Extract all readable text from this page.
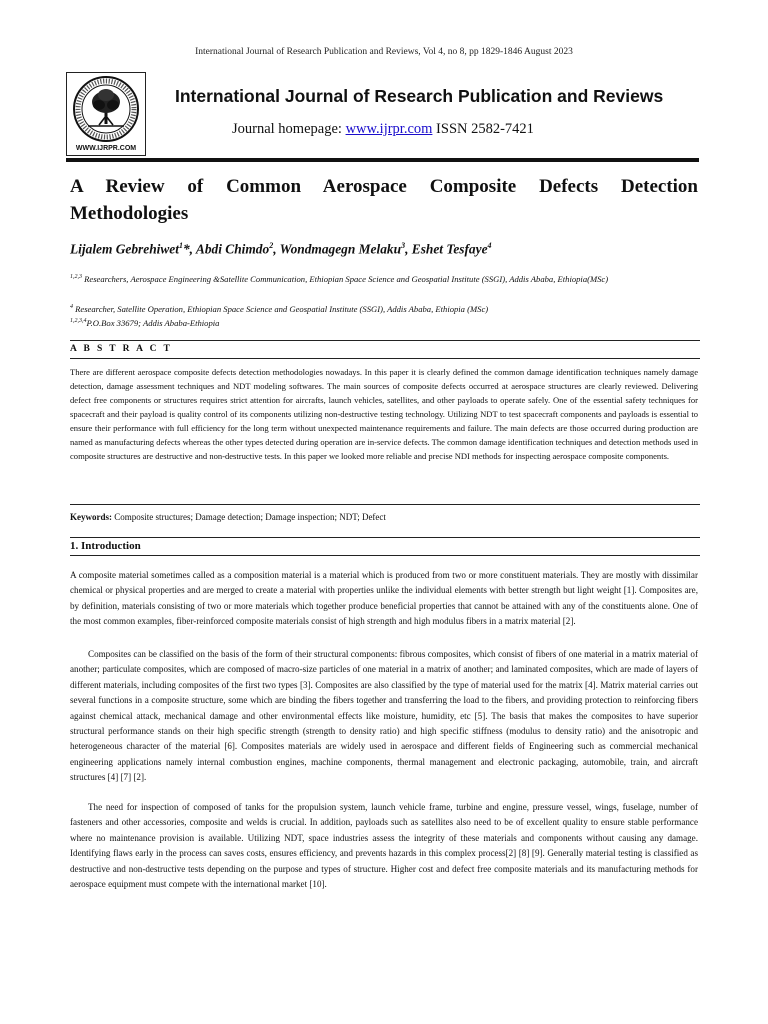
International Journal of Research Publication and Reviews, Vol 4, no 8, pp 1829-1846 August 2023
WWW.IJRPR.COM
International Journal of Research Publication and Reviews
Journal homepage: www.ijrpr.com ISSN 2582-7421
A Review of Common Aerospace Composite Defects Detection
Methodologies
Lijalem Gebrehiwet$^1$*, Abdi Chimdo$^2$, Wondmagegn Melaku$^3$, Eshet Tesfaye$^4$
$^{1,2,3}$ Researchers, Aerospace Engineering &Satellite Communication, Ethiopian Space Science and Geospatial Institute (SSGI), Addis Ababa, Ethiopia(MSc)
$^4$ Researcher, Satellite Operation, Ethiopian Space Science and Geospatial Institute (SSGI), Addis Ababa, Ethiopia (MSc)
$^{1,2,3,4}$P.O.Box 33679; Addis Ababa-Ethiopia
A B S T R A C T
There are different aerospace composite defects detection methodologies nowadays. In this paper it is clearly defined the common damage identification techniques namely damage detection, damage assessment techniques and NDT modeling softwares. The main sources of composite defects occurred at aerospace structures are clearly reviewed. Delivering defect free components or structures requires strict attention for aircrafts, launch vehicles, satellites, and other payloads to operate safely. One of the essential safety techniques for spacecraft and their payload is quality control of its components utilizing non-destructive testing technology. Utilizing NDT to test spacecraft components and payloads is essential to ensure their performance with full efficiency for the long term without unexpected maintenance requirements and failure. The main defects are those occurred during production are named as manufacturing defects whereas the other types detected during operation are in-service defects. The common damage identification techniques and detection methods used in composite structures are destructive and non-destructive tests. In this paper we looked more reliable and precise NDI methods for inspecting aerospace composite components.
Keywords: Composite structures; Damage detection; Damage inspection; NDT; Defect
1. Introduction
A composite material sometimes called as a composition material is a material which is produced from two or more constituent materials. They are mostly with dissimilar chemical or physical properties and are merged to create a material with properties unlike the individual elements with better strength but light weight [1]. Composites are, by definition, materials consisting of two or more materials which together produce beneficial properties that cannot be attained with any of the constituents alone. One of the most common examples, fiber-reinforced composite materials consist of high strength and high modulus fibers in a matrix material [2].
Composites can be classified on the basis of the form of their structural components: fibrous composites, which consist of fibers of one material in a matrix material of another; particulate composites, which are composed of macro-size particles of one material in a matrix of another; and laminated composites, which are made of layers of different materials, including composites of the first two types [3]. Composites are also classified by the type of material used for the matrix [4]. Matrix material carries out several functions in a composite structure, some which are binding the fibers together and transferring the load to the fibers, and providing protection to reinforcing fibers against chemical attack, mechanical damage and other environmental effects like moisture, humidity, etc [5]. The basis that makes the composites to have superior structural performance stands on their high specific strength (strength to density ratio) and high specific stiffness (modulus to density ratio) and the anisotropic and heterogeneous character of the material [6]. Composites materials are widely used in aerospace and different fields of Engineering such as commercial mechanical engineering applications namely internal combustion engines, machine components, thermal management and electronic packaging, automobile, train, and aircraft structures [4] [7] [2].
The need for inspection of composed of tanks for the propulsion system, launch vehicle frame, turbine and engine, pressure vessel, wings, fuselage, number of fasteners and other accessories, composite and welds is crucial. In addition, payloads such as satellites also need to be of excellent quality to ensure stable performance where no maintenance provision is available. Utilizing NDT, space industries assess the integrity of these materials and components without causing any damage. Identifying flaws early in the process can saves costs, ensures efficiency, and prevents hazards in this complex process[2] [8] [9]. Generally material testing is classified as destructive and non-destructive tests depending on the purpose and types of structure. Higher cost and defect free composite materials and its manufacturing methods for aerospace equipment must compete with the international market [10].
